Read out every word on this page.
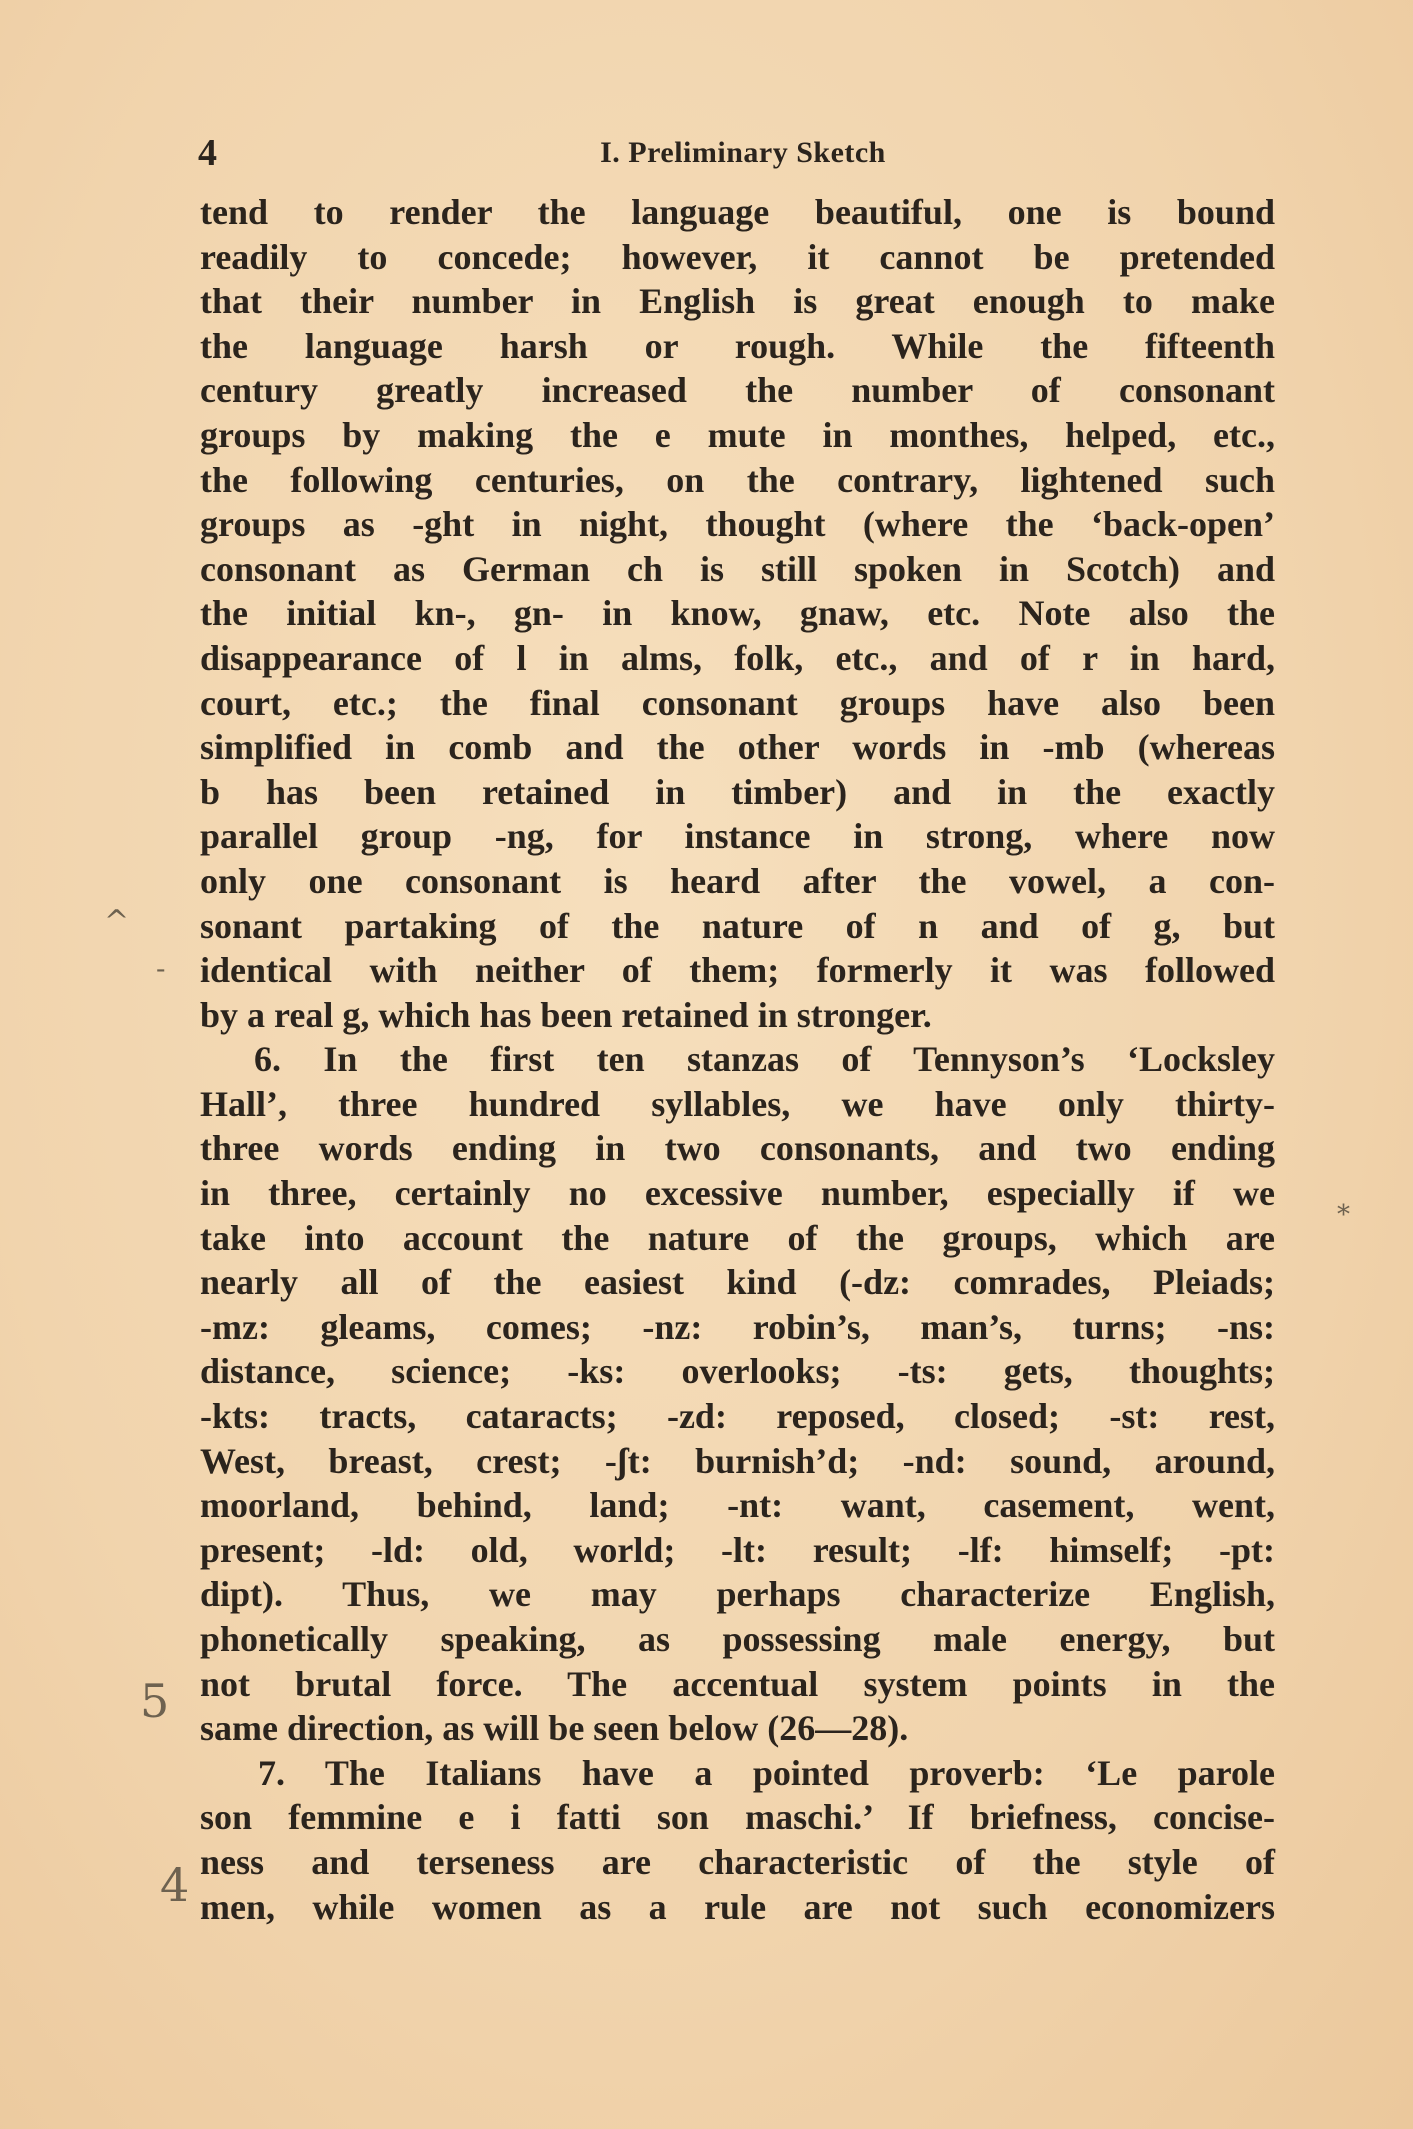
4	I. Preliminary Sketch
tend to render the language beautiful, one is bound
readily to concede; however, it cannot be pretended
that their number in English is great enough to make
the language harsh or rough. While the fifteenth
century greatly increased the number of consonant
groups by making the e mute in monthes, helped, etc.,
the following centuries, on the contrary, lightened such
groups as -ght in night, thought (where the ‘back-open’
consonant as German ch is still spoken in Scotch) and
the initial kn-, gn- in know, gnaw, etc. Note also the
disappearance of l in alms, folk, etc., and of r in hard,
court, etc.; the final consonant groups have also been
simplified in comb and the other words in -mb (whereas
b has been retained in timber) and in the exactly
parallel group -ng, for instance in strong, where now
only one consonant is heard after the vowel, a con-
sonant partaking of the nature of n and of g, but
identical with neither of them; formerly it was followed
by a real g, which has been retained in stronger.
6. In the first ten stanzas of Tennyson’s ‘Locksley
Hall’, three hundred syllables, we have only thirty-
three words ending in two consonants, and two ending
in three, certainly no excessive number, especially if we
take into account the nature of the groups, which are
nearly all of the easiest kind (-dz: comrades, Pleiads;
-mz: gleams, comes; -nz: robin’s, man’s, turns; -ns:
distance, science; -ks: overlooks; -ts: gets, thoughts;
-kts: tracts, cataracts; -zd: reposed, closed; -st: rest,
West, breast, crest; -ʃt: burnish’d; -nd: sound, around,
moorland, behind, land; -nt: want, casement, went,
present; -ld: old, world; -lt: result; -lf: himself; -pt:
dipt). Thus, we may perhaps characterize English,
phonetically speaking, as possessing male energy, but
not brutal force. The accentual system points in the
same direction, as will be seen below (26—28).
7. The Italians have a pointed proverb: ‘Le parole
son femmine e i fatti son maschi.’ If briefness, concise-
ness and terseness are characteristic of the style of
men, while women as a rule are not such economizers
^
-
5
4
*
